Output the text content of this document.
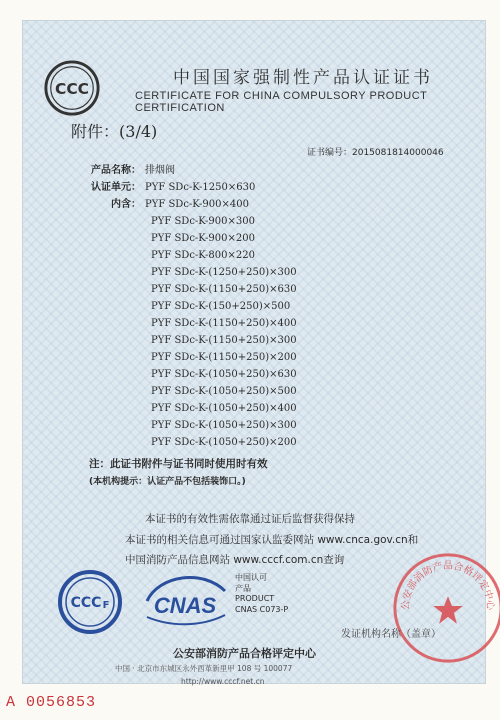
CCC
中国国家强制性产品认证证书
CERTIFICATE FOR CHINA COMPULSORY PRODUCT CERTIFICATION
附件：(3/4)
证书编号：2015081814000046
产品名称： 排烟阀
认证单元： PYF SDc-K-1250×630
内含： PYF SDc-K-900×400
PYF SDc-K-900×300
PYF SDc-K-900×200
PYF SDc-K-800×220
PYF SDc-K-(1250+250)×300
PYF SDc-K-(1150+250)×630
PYF SDc-K-(150+250)×500
PYF SDc-K-(1150+250)×400
PYF SDc-K-(1150+250)×300
PYF SDc-K-(1150+250)×200
PYF SDc-K-(1050+250)×630
PYF SDc-K-(1050+250)×500
PYF SDc-K-(1050+250)×400
PYF SDc-K-(1050+250)×300
PYF SDc-K-(1050+250)×200
注：此证书附件与证书同时使用时有效
(本机构提示：认证产品不包括装饰口。)
本证书的有效性需依靠通过证后监督获得保持
本证书的相关信息可通过国家认监委网站 www.cnca.gov.cn和
中国消防产品信息网站 www.cccf.com.cn查询
CCC F CNAS
中国认可
产品
PRODUCT
CNAS C073-P	公安部消防产品合格评定中心
发证机构名称（盖章）
公安部消防产品合格评定中心
中国 · 北京市东城区永外西革新里甲 108 号 100077
http://www.cccf.net.cn
A 0056853
